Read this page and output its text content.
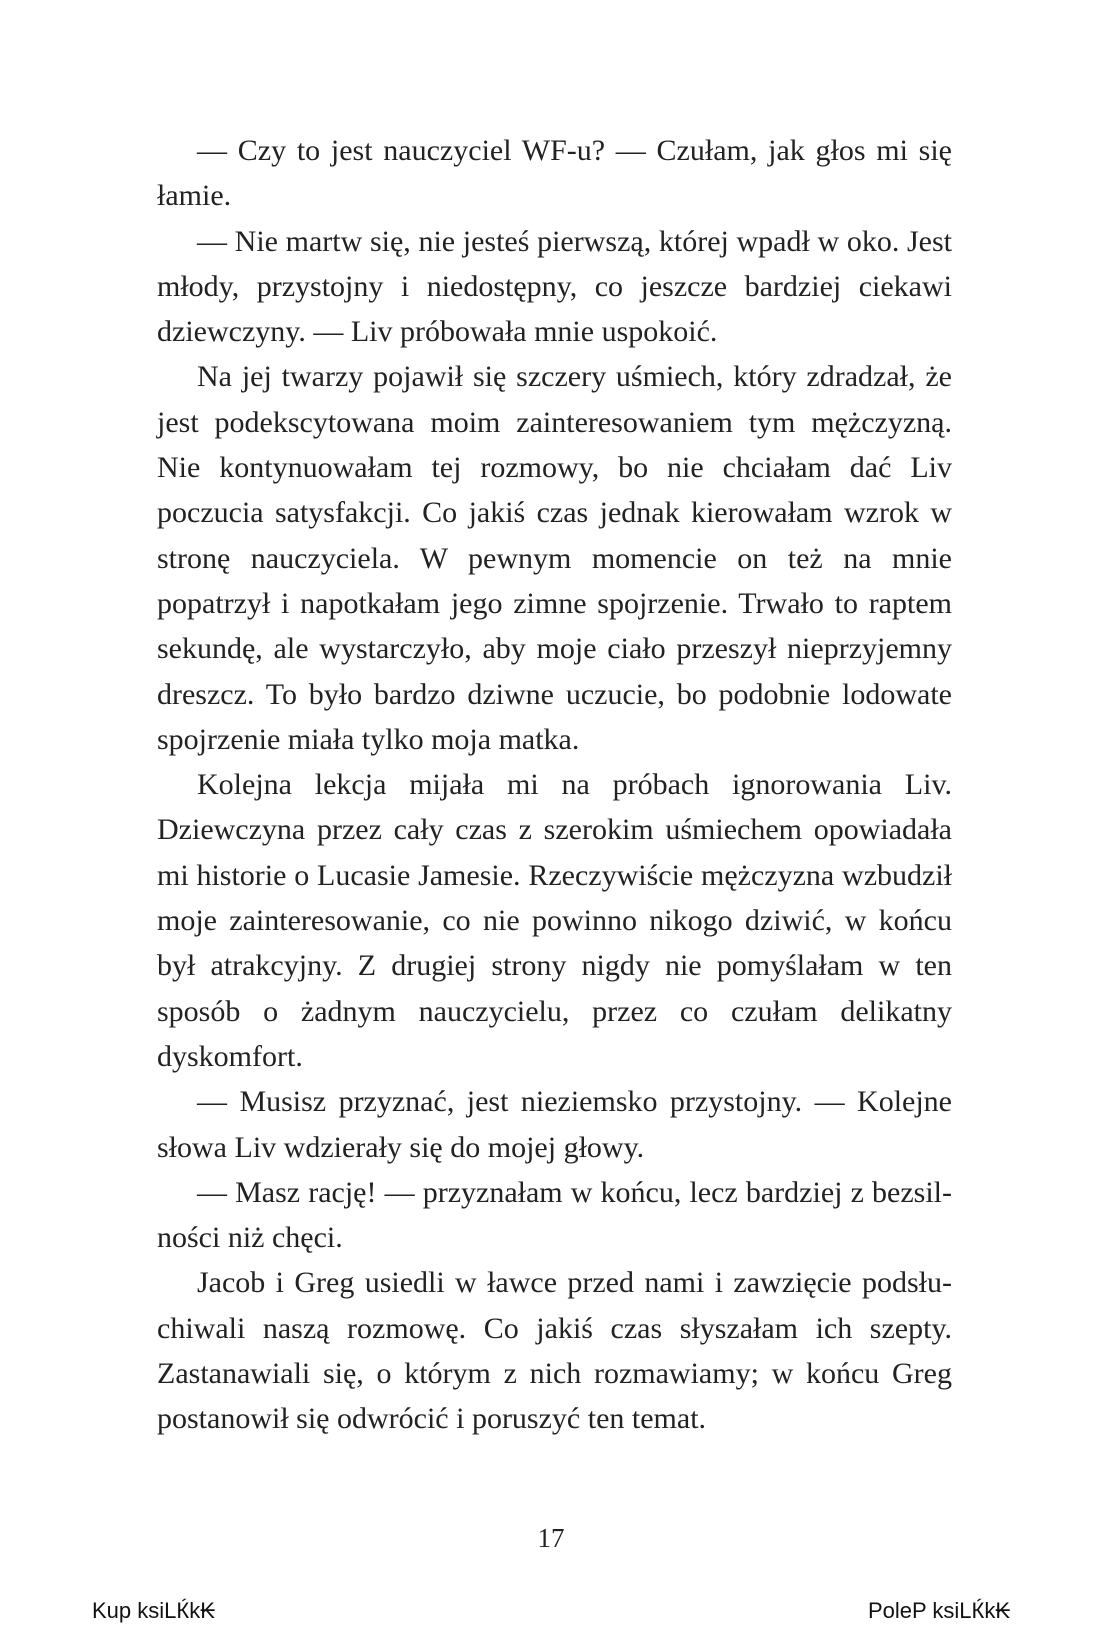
— Czy to jest nauczyciel WF-u? — Czułam, jak głos mi się łamie.

— Nie martw się, nie jesteś pierwszą, której wpadł w oko. Jest młody, przystojny i niedostępny, co jeszcze bardziej ciekawi dziewczyny. — Liv próbowała mnie uspokoić.

Na jej twarzy pojawił się szczery uśmiech, który zdradzał, że jest podekscytowana moim zainteresowaniem tym mężczyzną. Nie kontynuowałam tej rozmowy, bo nie chciałam dać Liv poczucia satysfakcji. Co jakiś czas jednak kierowałam wzrok w stronę nauczyciela. W pewnym momencie on też na mnie popatrzył i napotkałam jego zimne spojrzenie. Trwało to raptem sekundę, ale wystarczyło, aby moje ciało przeszył nieprzyjemny dreszcz. To było bardzo dziwne uczucie, bo podobnie lodowate spojrzenie miała tylko moja matka.

Kolejna lekcja mijała mi na próbach ignorowania Liv. Dziewczyna przez cały czas z szerokim uśmiechem opowiadała mi historie o Lucasie Jamesie. Rzeczywiście mężczyzna wzbudził moje zainteresowanie, co nie powinno nikogo dziwić, w końcu był atrakcyjny. Z drugiej strony nigdy nie pomyślałam w ten sposób o żadnym nauczycielu, przez co czułam delikatny dyskomfort.

— Musisz przyznać, jest nieziemsko przystojny. — Kolejne słowa Liv wdzierały się do mojej głowy.

— Masz rację! — przyznałam w końcu, lecz bardziej z bezsilności niż chęci.

Jacob i Greg usiedli w ławce przed nami i zawzięcie podsłuchiwali naszą rozmowę. Co jakiś czas słyszałam ich szepty. Zastanawiali się, o którym z nich rozmawiamy; w końcu Greg postanowił się odwrócić i poruszyć ten temat.

17
Kup ksiLЌk₭	PoleP ksiLЌk₭
